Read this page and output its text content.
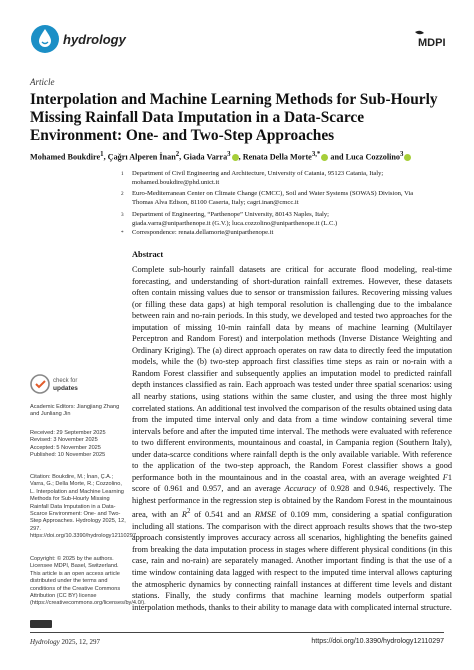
hydrology	MDPI
Article
Interpolation and Machine Learning Methods for Sub-Hourly Missing Rainfall Data Imputation in a Data-Scarce Environment: One- and Two-Step Approaches
Mohamed Boukdire$^1$, Çağrı Alperen İnan$^2$, Giada Varra$^3$ , Renata Della Morte$^{3,*}$ and Luca Cozzolino$^3$
1 Department of Civil Engineering and Architecture, University of Catania, 95123 Catania, Italy;
mohamed.boukdire@phd.unict.it
2 Euro-Mediterranean Center on Climate Change (CMCC), Soil and Water Systems (SOWAS) Division, Via
Thomas Alva Edison, 81100 Caserta, Italy; cagri.inan@cmcc.it
3 Department of Engineering, “Parthenope” University, 80143 Naples, Italy;
giada.varra@uniparthenope.it (G.V.); luca.cozzolino@uniparthenope.it (L.C.)
* Correspondence: renata.dellamorte@uniparthenope.it
Abstract

Complete sub-hourly rainfall datasets are critical for accurate flood modeling, real-time forecasting, and understanding of short-duration rainfall extremes. However, these datasets often contain missing values due to sensor or transmission failures. Recovering missing values (or filling these data gaps) at high temporal resolution is challenging due to the imbalance between rain and no-rain periods. In this study, we developed and tested two approaches for the imputation of missing 10-min rainfall data by means of machine learning (Multilayer Perceptron and Random Forest) and interpolation methods (Inverse Distance Weighting and Ordinary Kriging). The (a) direct approach operates on raw data to directly feed the imputation models, while the (b) two-step approach first classifies time steps as rain or no-rain with a Random Forest classifier and subsequently applies an imputation model to predicted rainfall depth instances classified as rain. Each approach was tested under three spatial scenarios: using all nearby stations, using stations within the same cluster, and using the three most highly correlated stations. An additional test involved the comparison of the results obtained using data from the imputed time interval only and data from a time window containing several time intervals before and after the imputed time interval. The methods were evaluated with reference to two different environments, mountainous and coastal, in Campania region (Southern Italy), under data-scarce conditions where rainfall depth is the only available variable. With reference to the application of the two-step approach, the Random Forest classifier shows a good performance both in the mountainous and in the coastal area, with an average weighted F1 score of 0.961 and 0.957, and an average Accuracy of 0.928 and 0.946, respectively. The highest performance in the regression step is obtained by the Random Forest in the mountainous area, with an $R^2$ of 0.541 and an RMSE of 0.109 mm, considering a spatial configuration including all stations. The comparison with the direct approach results shows that the two-step approach consistently improves accuracy across all scenarios, highlighting the benefits gained from breaking the data imputation process in stages where different physical conditions (in this case, rain and no-rain) are separately managed. Another important finding is that the use of a time window containing data lagged with respect to the imputed time interval allows capturing the atmospheric dynamics by connecting rainfall instances at different time levels and distant stations. Finally, the study confirms that machine learning models outperform spatial interpolation methods, thanks to their ability to manage data with complicated internal structure.

check for
updates
Academic Editors: Jiangjiang Zhang and Junliang Jin
Received: 29 September 2025
Revised: 3 November 2025
Accepted: 5 November 2025
Published: 10 November 2025
Citation: Boukdire, M.; İnan, Ç.A.; Varra, G.; Della Morte, R.; Cozzolino, L. Interpolation and Machine Learning Methods for Sub-Hourly Missing Rainfall Data Imputation in a Data-Scarce Environment: One- and Two-Step Approaches. Hydrology 2025, 12, 297. https://doi.org/10.3390/hydrology12110297
Copyright: © 2025 by the authors. Licensee MDPI, Basel, Switzerland. This article is an open access article distributed under the terms and conditions of the Creative Commons Attribution (CC BY) license (https://creativecommons.org/licenses/by/4.0/).
Hydrology 2025, 12, 297	https://doi.org/10.3390/hydrology12110297
